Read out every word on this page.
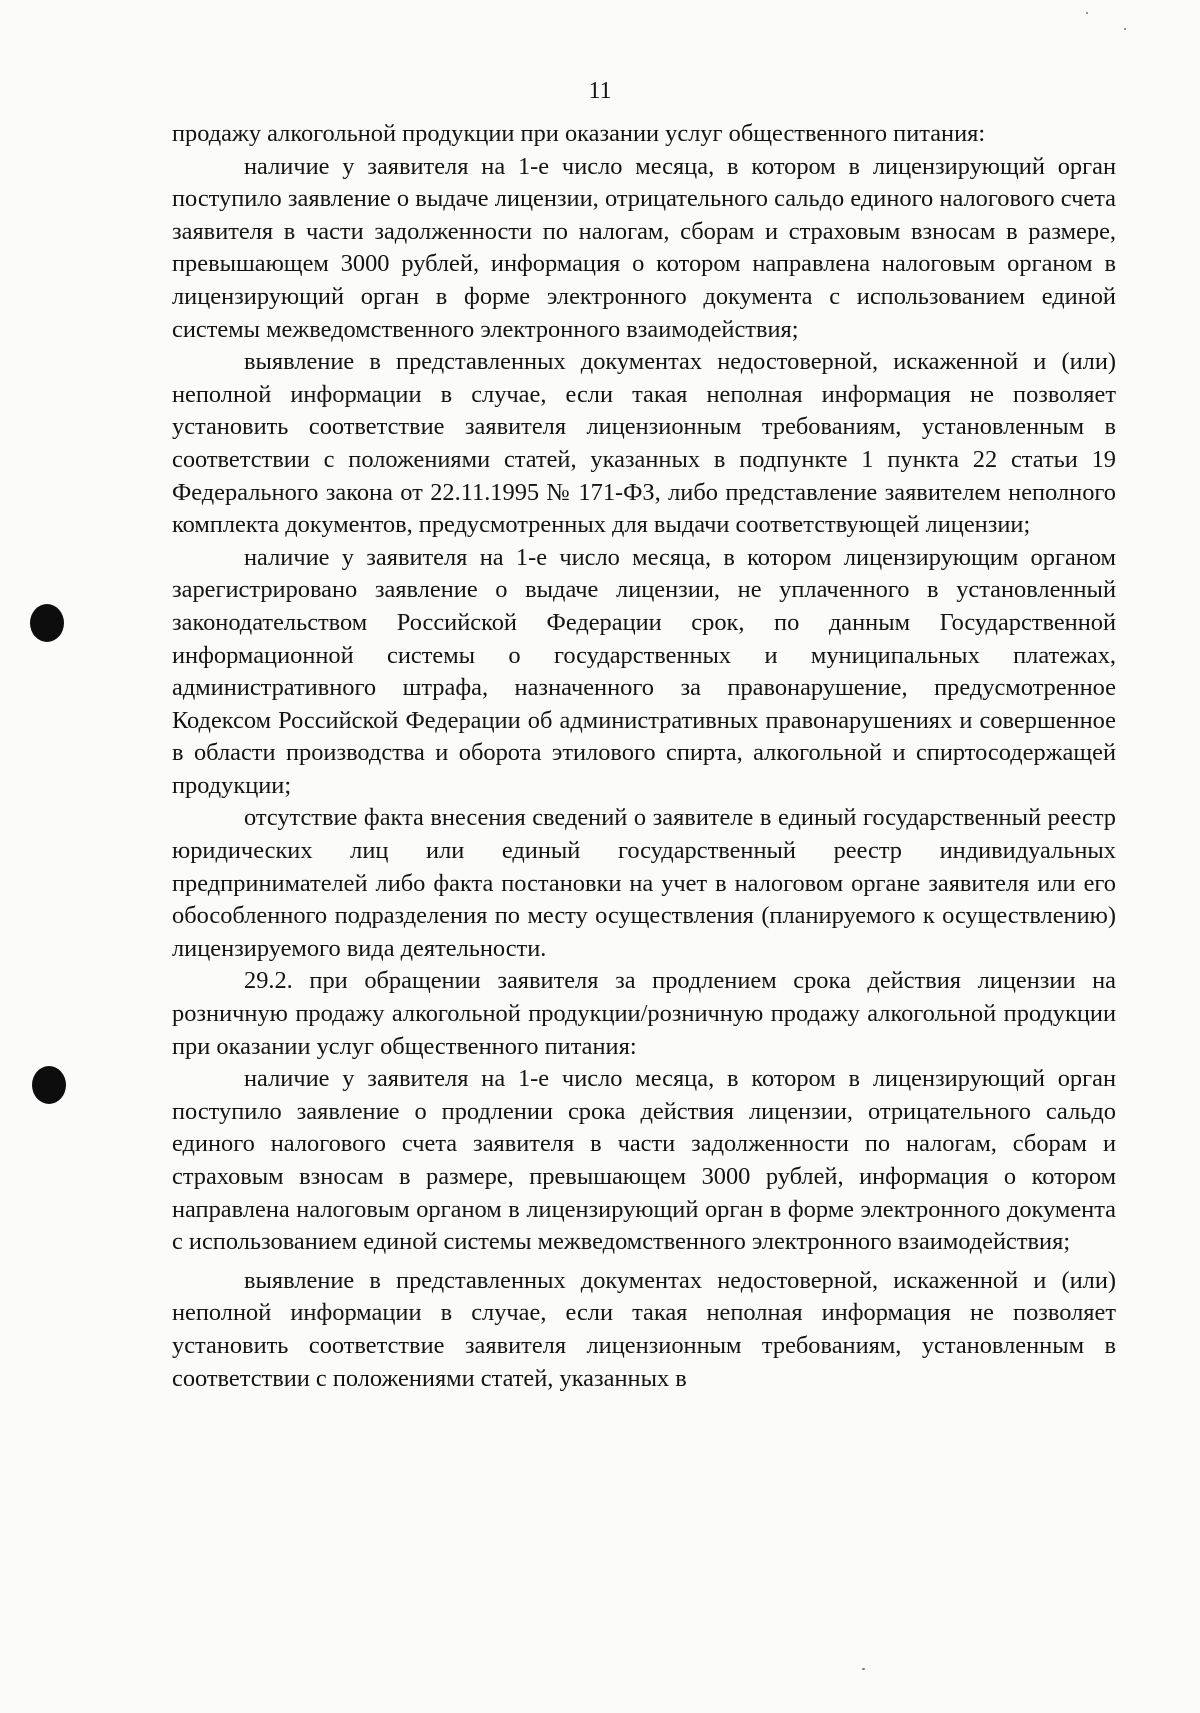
11

продажу алкогольной продукции при оказании услуг общественного питания:

наличие у заявителя на 1-е число месяца, в котором в лицензирующий орган поступило заявление о выдаче лицензии, отрицательного сальдо единого налогового счета заявителя в части задолженности по налогам, сборам и страховым взносам в размере, превышающем 3000 рублей, информация о котором направлена налоговым органом в лицензирующий орган в форме электронного документа с использованием единой системы межведомственного электронного взаимодействия;

выявление в представленных документах недостоверной, искаженной и (или) неполной информации в случае, если такая неполная информация не позволяет установить соответствие заявителя лицензионным требованиям, установленным в соответствии с положениями статей, указанных в подпункте 1 пункта 22 статьи 19 Федерального закона от 22.11.1995 № 171-ФЗ, либо представление заявителем неполного комплекта документов, предусмотренных для выдачи соответствующей лицензии;

наличие у заявителя на 1-е число месяца, в котором лицензирующим органом зарегистрировано заявление о выдаче лицензии, не уплаченного в установленный законодательством Российской Федерации срок, по данным Государственной информационной системы о государственных и муниципальных платежах, административного штрафа, назначенного за правонарушение, предусмотренное Кодексом Российской Федерации об административных правонарушениях и совершенное в области производства и оборота этилового спирта, алкогольной и спиртосодержащей продукции;

отсутствие факта внесения сведений о заявителе в единый государственный реестр юридических лиц или единый государственный реестр индивидуальных предпринимателей либо факта постановки на учет в налоговом органе заявителя или его обособленного подразделения по месту осуществления (планируемого к осуществлению) лицензируемого вида деятельности.

29.2. при обращении заявителя за продлением срока действия лицензии на розничную продажу алкогольной продукции/розничную продажу алкогольной продукции при оказании услуг общественного питания:

наличие у заявителя на 1-е число месяца, в котором в лицензирующий орган поступило заявление о продлении срока действия лицензии, отрицательного сальдо единого налогового счета заявителя в части задолженности по налогам, сборам и страховым взносам в размере, превышающем 3000 рублей, информация о котором направлена налоговым органом в лицензирующий орган в форме электронного документа с использованием единой системы межведомственного электронного взаимодействия;

выявление в представленных документах недостоверной, искаженной и (или) неполной информации в случае, если такая неполная информация не позволяет установить соответствие заявителя лицензионным требованиям, установленным в соответствии с положениями статей, указанных в
